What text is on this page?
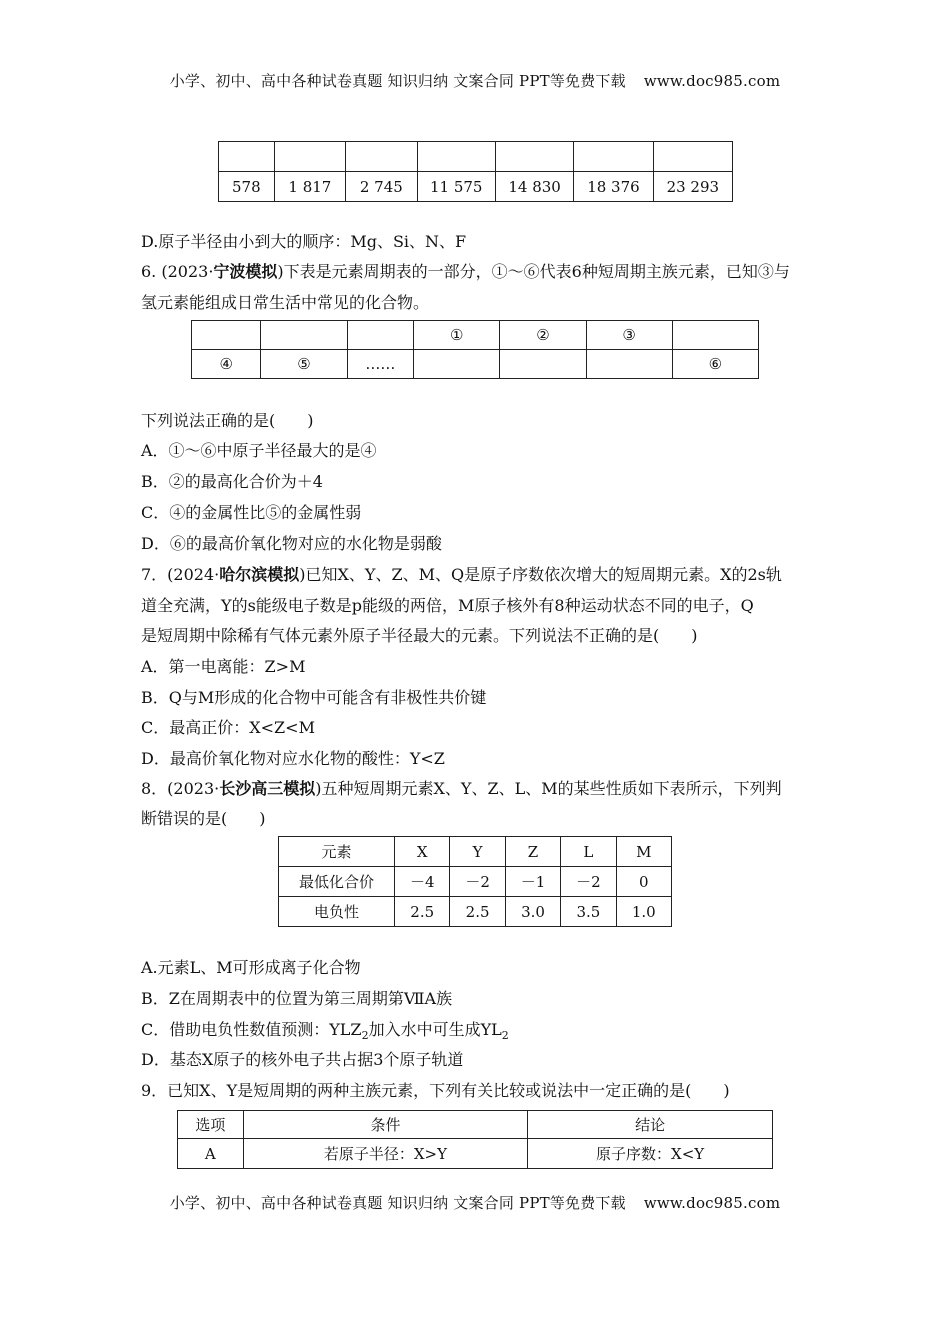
小学、初中、高中各种试卷真题 知识归纳 文案合同 PPT等免费下载 www.doc985.com

578	1 817	2 745	11 575	14 830	18 376	23 293
D.原子半径由小到大的顺序：Mg、Si、N、F
6. (2023·宁波模拟)下表是元素周期表的一部分，①～⑥代表6种短周期主族元素，已知③与
氢元素能组成日常生活中常见的化合物。
			①	②	③	
④	⑤	……				⑥
下列说法正确的是(　　)
A．①～⑥中原子半径最大的是④
B．②的最高化合价为＋4
C．④的金属性比⑤的金属性弱
D．⑥的最高价氧化物对应的水化物是弱酸
7．(2024·哈尔滨模拟)已知X、Y、Z、M、Q是原子序数依次增大的短周期元素。X的2s轨
道全充满，Y的s能级电子数是p能级的两倍，M原子核外有8种运动状态不同的电子，Q
是短周期中除稀有气体元素外原子半径最大的元素。下列说法不正确的是(　　)
A．第一电离能：Z>M
B．Q与M形成的化合物中可能含有非极性共价键
C．最高正价：X<Z<M
D．最高价氧化物对应水化物的酸性：Y<Z
8．(2023·长沙高三模拟)五种短周期元素X、Y、Z、L、M的某些性质如下表所示，下列判
断错误的是(　　)
元素	X	Y	Z	L	M
最低化合价	－4	－2	－1	－2	0
电负性	2.5	2.5	3.0	3.5	1.0
A.元素L、M可形成离子化合物
B．Z在周期表中的位置为第三周期第ⅦA族
C．借助电负性数值预测：$YLZ_2$加入水中可生成$YL_2$
D．基态X原子的核外电子共占据3个原子轨道
9．已知X、Y是短周期的两种主族元素，下列有关比较或说法中一定正确的是(　　)
选项	条件	结论
A	若原子半径：X>Y	原子序数：X<Y
小学、初中、高中各种试卷真题 知识归纳 文案合同 PPT等免费下载 www.doc985.com
